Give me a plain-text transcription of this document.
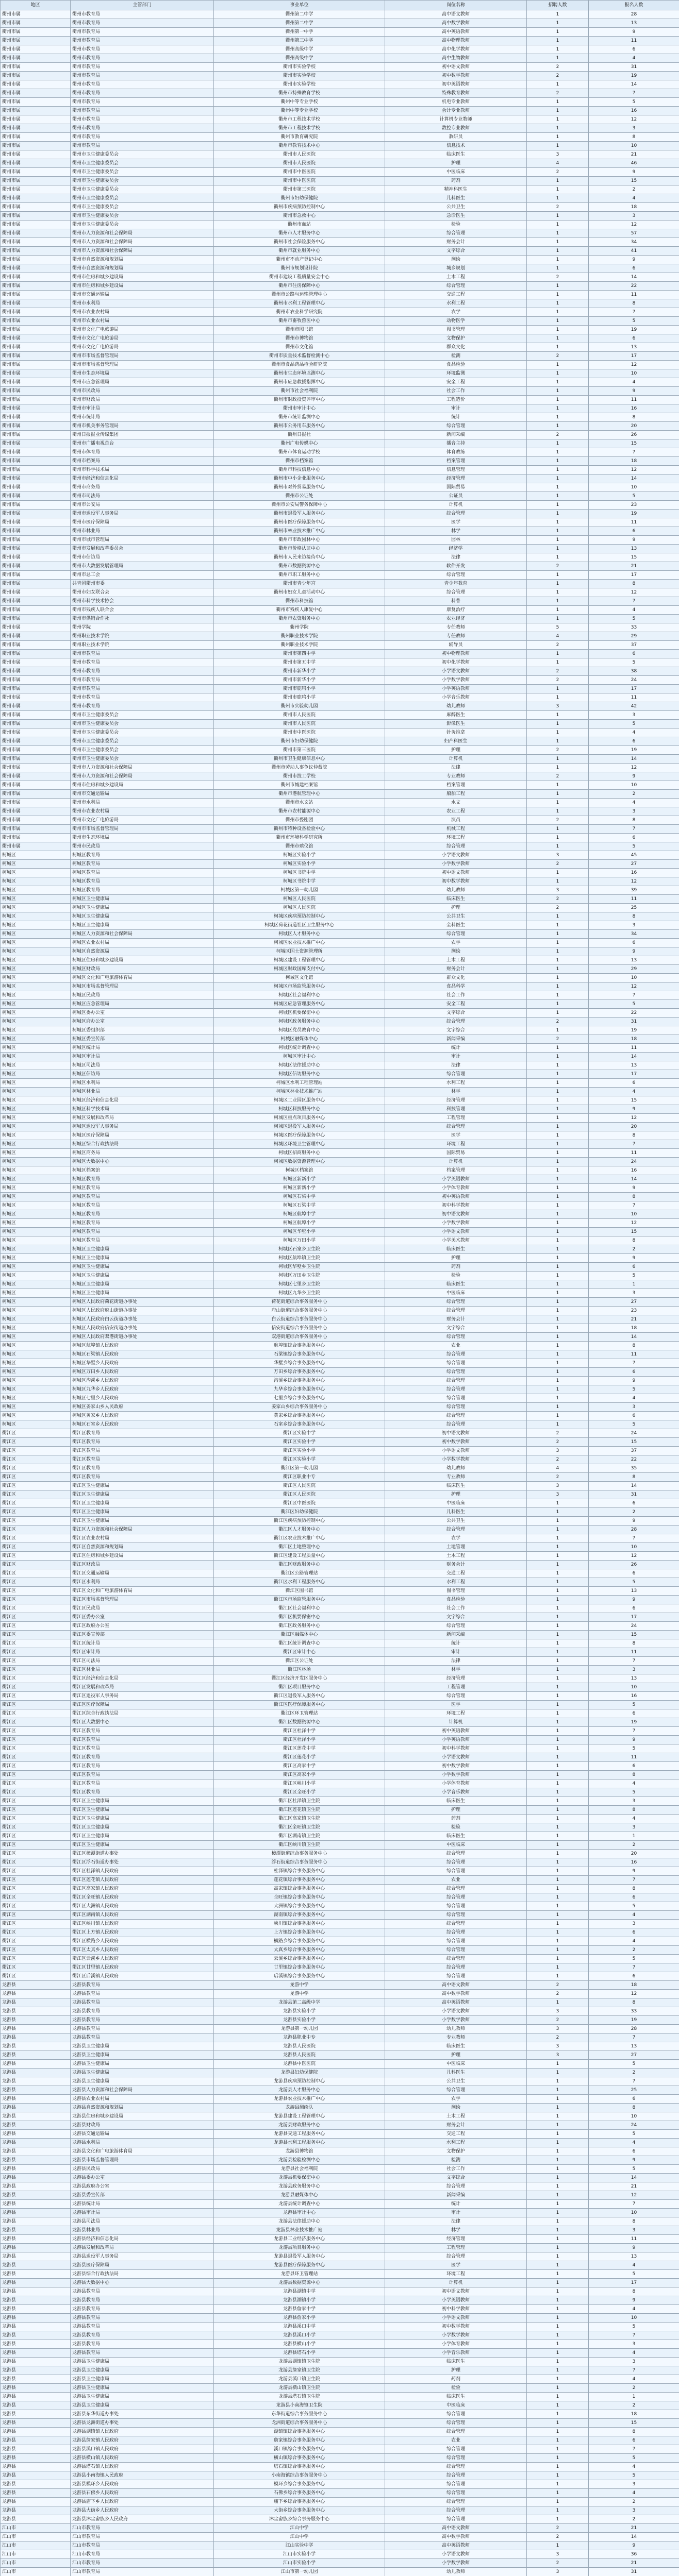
地区	主管部门	事业单位	岗位名称	招聘人数	报名人数
衢州市属	衢州市教育局	衢州第二中学	高中语文教师	1	28
衢州市属	衢州市教育局	衢州第二中学	高中数学教师	1	13
衢州市属	衢州市教育局	衢州第一中学	高中英语教师	1	9
衢州市属	衢州市教育局	衢州第三中学	高中物理教师	1	11
衢州市属	衢州市教育局	衢州高级中学	高中化学教师	1	6
衢州市属	衢州市教育局	衢州高级中学	高中生物教师	1	4
衢州市属	衢州市教育局	衢州市实验学校	初中语文教师	2	31
衢州市属	衢州市教育局	衢州市实验学校	初中数学教师	2	19
衢州市属	衢州市教育局	衢州市实验学校	初中英语教师	1	14
衢州市属	衢州市教育局	衢州市特殊教育学校	特殊教育教师	2	7
衢州市属	衢州市教育局	衢州中等专业学校	机电专业教师	1	5
衢州市属	衢州市教育局	衢州中等专业学校	会计专业教师	1	16
衢州市属	衢州市教育局	衢州市工程技术学校	计算机专业教师	1	12
衢州市属	衢州市教育局	衢州市工程技术学校	数控专业教师	1	3
衢州市属	衢州市教育局	衢州市教育研究院	教研员	1	8
衢州市属	衢州市教育局	衢州市教育技术中心	信息技术	1	10
衢州市属	衢州市卫生健康委员会	衢州市人民医院	临床医生	3	21
衢州市属	衢州市卫生健康委员会	衢州市人民医院	护理	4	46
衢州市属	衢州市卫生健康委员会	衢州市中医医院	中医临床	2	9
衢州市属	衢州市卫生健康委员会	衢州市中医医院	药剂	1	15
衢州市属	衢州市卫生健康委员会	衢州市第三医院	精神科医生	1	2
衢州市属	衢州市卫生健康委员会	衢州市妇幼保健院	儿科医生	1	4
衢州市属	衢州市卫生健康委员会	衢州市疾病预防控制中心	公共卫生	2	18
衢州市属	衢州市卫生健康委员会	衢州市急救中心	急诊医生	1	3
衢州市属	衢州市卫生健康委员会	衢州市血站	检验	1	12
衢州市属	衢州市人力资源和社会保障局	衢州市人才服务中心	综合管理	1	57
衢州市属	衢州市人力资源和社会保障局	衢州市社会保险服务中心	财务会计	1	34
衢州市属	衢州市人力资源和社会保障局	衢州市就业服务中心	文字综合	1	41
衢州市属	衢州市自然资源和规划局	衢州市不动产登记中心	测绘	1	9
衢州市属	衢州市自然资源和规划局	衢州市规划设计院	城乡规划	1	6
衢州市属	衢州市住房和城乡建设局	衢州市建设工程质量安全中心	土木工程	2	14
衢州市属	衢州市住房和城乡建设局	衢州市住房保障中心	综合管理	1	22
衢州市属	衢州市交通运输局	衢州市公路与运输管理中心	交通工程	1	11
衢州市属	衢州市水利局	衢州市水利工程管理中心	水利工程	1	8
衢州市属	衢州市农业农村局	衢州市农业科学研究院	农学	1	7
衢州市属	衢州市农业农村局	衢州市畜牧兽医中心	动物医学	1	5
衢州市属	衢州市文化广电旅游局	衢州市图书馆	图书管理	1	19
衢州市属	衢州市文化广电旅游局	衢州市博物馆	文物保护	1	6
衢州市属	衢州市文化广电旅游局	衢州市文化馆	群众文化	1	13
衢州市属	衢州市市场监督管理局	衢州市质量技术监督检测中心	检测	2	17
衢州市属	衢州市市场监督管理局	衢州市食品药品检验研究院	食品检验	1	12
衢州市属	衢州市生态环境局	衢州市生态环境监测中心	环境监测	1	10
衢州市属	衢州市应急管理局	衢州市应急救援指挥中心	安全工程	1	4
衢州市属	衢州市民政局	衢州市社会福利院	社会工作	1	9
衢州市属	衢州市财政局	衢州市财政投资评审中心	工程造价	1	11
衢州市属	衢州市审计局	衢州市审计中心	审计	1	16
衢州市属	衢州市统计局	衢州市统计监测中心	统计	1	8
衢州市属	衢州市机关事务管理局	衢州市公务用车服务中心	综合管理	1	20
衢州市属	衢州日报报业传媒集团	衢州日报社	新闻采编	2	26
衢州市属	衢州市广播电视总台	衢州广电传媒中心	播音主持	1	15
衢州市属	衢州市体育局	衢州市体育运动学校	体育教练	1	7
衢州市属	衢州市档案局	衢州市档案馆	档案管理	1	18
衢州市属	衢州市科学技术局	衢州市科技信息中心	信息管理	1	12
衢州市属	衢州市经济和信息化局	衢州市中小企业服务中心	经济管理	1	14
衢州市属	衢州市商务局	衢州市对外贸易服务中心	国际贸易	1	10
衢州市属	衢州市司法局	衢州市公证处	公证员	1	5
衢州市属	衢州市公安局	衢州市公安局警务保障中心	计算机	1	23
衢州市属	衢州市退役军人事务局	衢州市退役军人服务中心	综合管理	1	19
衢州市属	衢州市医疗保障局	衢州市医疗保障服务中心	医学	1	11
衢州市属	衢州市林业局	衢州市林业技术推广中心	林学	1	6
衢州市属	衢州市城市管理局	衢州市市政园林中心	园林	1	9
衢州市属	衢州市发展和改革委员会	衢州市价格认证中心	经济学	1	13
衢州市属	衢州市信访局	衢州市人民来访接待中心	法律	1	15
衢州市属	衢州市大数据发展管理局	衢州市数据资源中心	软件开发	2	21
衢州市属	衢州市总工会	衢州市职工服务中心	综合管理	1	17
衢州市属	共青团衢州市委	衢州市青少年宫	青少年教育	1	8
衢州市属	衢州市妇女联合会	衢州市妇女儿童活动中心	综合管理	1	12
衢州市属	衢州市科学技术协会	衢州市科技馆	科普	1	7
衢州市属	衢州市残疾人联合会	衢州市残疾人康复中心	康复治疗	1	4
衢州市属	衢州市供销合作社	衢州市农资服务中心	农业经济	1	5
衢州市属	衢州学院	衢州学院	专任教师	5	33
衢州市属	衢州职业技术学院	衢州职业技术学院	专任教师	4	29
衢州市属	衢州职业技术学院	衢州职业技术学院	辅导员	2	37
衢州市属	衢州市教育局	衢州市第四中学	初中物理教师	1	6
衢州市属	衢州市教育局	衢州市第五中学	初中化学教师	1	5
衢州市属	衢州市教育局	衢州市新华小学	小学语文教师	2	38
衢州市属	衢州市教育局	衢州市新华小学	小学数学教师	2	24
衢州市属	衢州市教育局	衢州市鹿鸣小学	小学英语教师	1	17
衢州市属	衢州市教育局	衢州市鹿鸣小学	小学音乐教师	1	11
衢州市属	衢州市教育局	衢州市实验幼儿园	幼儿教师	3	42
衢州市属	衢州市卫生健康委员会	衢州市人民医院	麻醉医生	1	3
衢州市属	衢州市卫生健康委员会	衢州市人民医院	影像医生	1	5
衢州市属	衢州市卫生健康委员会	衢州市中医医院	针灸推拿	1	4
衢州市属	衢州市卫生健康委员会	衢州市妇幼保健院	妇产科医生	1	6
衢州市属	衢州市卫生健康委员会	衢州市第三医院	护理	2	19
衢州市属	衢州市卫生健康委员会	衢州市卫生健康信息中心	计算机	1	14
衢州市属	衢州市人力资源和社会保障局	衢州市劳动人事争议仲裁院	法律	1	12
衢州市属	衢州市人力资源和社会保障局	衢州市技工学校	专业教师	2	9
衢州市属	衢州市住房和城乡建设局	衢州市城建档案馆	档案管理	1	10
衢州市属	衢州市交通运输局	衢州市港航管理中心	船舶工程	1	2
衢州市属	衢州市水利局	衢州市水文站	水文	1	4
衢州市属	衢州市农业农村局	衢州市农村能源中心	农业工程	1	3
衢州市属	衢州市文化广电旅游局	衢州市婺剧团	演员	2	8
衢州市属	衢州市市场监督管理局	衢州市特种设备检验中心	机械工程	1	7
衢州市属	衢州市生态环境局	衢州市环境科学研究所	环境工程	1	6
衢州市属	衢州市民政局	衢州市殡仪馆	综合管理	1	5
柯城区	柯城区教育局	柯城区实验小学	小学语文教师	3	45
柯城区	柯城区教育局	柯城区实验小学	小学数学教师	2	27
柯城区	柯城区教育局	柯城区书院中学	初中语文教师	1	16
柯城区	柯城区教育局	柯城区书院中学	初中数学教师	1	12
柯城区	柯城区教育局	柯城区第一幼儿园	幼儿教师	3	39
柯城区	柯城区卫生健康局	柯城区人民医院	临床医生	2	11
柯城区	柯城区卫生健康局	柯城区人民医院	护理	2	25
柯城区	柯城区卫生健康局	柯城区疾病预防控制中心	公共卫生	1	8
柯城区	柯城区卫生健康局	柯城区荷花街道社区卫生服务中心	全科医生	1	3
柯城区	柯城区人力资源和社会保障局	柯城区人才服务中心	综合管理	1	34
柯城区	柯城区农业农村局	柯城区农业技术推广中心	农学	1	6
柯城区	柯城区自然资源局	柯城区国土资源管理所	测绘	1	9
柯城区	柯城区住房和城乡建设局	柯城区建设工程管理中心	土木工程	1	13
柯城区	柯城区财政局	柯城区财政国库支付中心	财务会计	1	29
柯城区	柯城区文化和广电旅游体育局	柯城区文化馆	群众文化	1	10
柯城区	柯城区市场监督管理局	柯城区市场监管服务中心	食品科学	1	12
柯城区	柯城区民政局	柯城区社会福利中心	社会工作	1	7
柯城区	柯城区应急管理局	柯城区应急管理服务中心	安全工程	1	5
柯城区	柯城区委办公室	柯城区机要保密中心	文字综合	1	22
柯城区	柯城区府办公室	柯城区政务服务中心	综合管理	2	31
柯城区	柯城区委组织部	柯城区党员教育中心	文字综合	1	19
柯城区	柯城区委宣传部	柯城区融媒体中心	新闻采编	2	18
柯城区	柯城区统计局	柯城区统计调查中心	统计	1	11
柯城区	柯城区审计局	柯城区审计中心	审计	1	14
柯城区	柯城区司法局	柯城区法律援助中心	法律	1	13
柯城区	柯城区信访局	柯城区信访服务中心	综合管理	1	17
柯城区	柯城区水利局	柯城区水利工程管理站	水利工程	1	6
柯城区	柯城区林业局	柯城区林业技术推广站	林学	1	4
柯城区	柯城区经济和信息化局	柯城区工业园区服务中心	经济管理	1	15
柯城区	柯城区科学技术局	柯城区科技服务中心	科技管理	1	9
柯城区	柯城区发展和改革局	柯城区重点项目服务中心	工程管理	1	12
柯城区	柯城区退役军人事务局	柯城区退役军人服务中心	综合管理	1	20
柯城区	柯城区医疗保障局	柯城区医疗保障服务中心	医学	1	8
柯城区	柯城区综合行政执法局	柯城区环境卫生管理中心	环境工程	1	7
柯城区	柯城区商务局	柯城区招商服务中心	国际贸易	1	11
柯城区	柯城区大数据中心	柯城区数据资源管理中心	计算机	1	24
柯城区	柯城区档案馆	柯城区档案馆	档案管理	1	16
柯城区	柯城区教育局	柯城区新新小学	小学英语教师	1	14
柯城区	柯城区教育局	柯城区新新小学	小学体育教师	1	9
柯城区	柯城区教育局	柯城区石梁中学	初中英语教师	1	8
柯城区	柯城区教育局	柯城区石梁中学	初中科学教师	1	7
柯城区	柯城区教育局	柯城区航埠中学	初中语文教师	1	10
柯城区	柯城区教育局	柯城区航埠小学	小学数学教师	1	12
柯城区	柯城区教育局	柯城区华墅小学	小学语文教师	1	15
柯城区	柯城区教育局	柯城区万田小学	小学美术教师	1	8
柯城区	柯城区卫生健康局	柯城区石室乡卫生院	临床医生	1	2
柯城区	柯城区卫生健康局	柯城区航埠镇卫生院	护理	1	9
柯城区	柯城区卫生健康局	柯城区华墅乡卫生院	药剂	1	6
柯城区	柯城区卫生健康局	柯城区万田乡卫生院	检验	1	5
柯城区	柯城区卫生健康局	柯城区七里乡卫生院	临床医生	1	1
柯城区	柯城区卫生健康局	柯城区九华乡卫生院	中医临床	1	3
柯城区	柯城区人民政府荷花街道办事处	荷花街道综合事务服务中心	综合管理	1	27
柯城区	柯城区人民政府府山街道办事处	府山街道综合事务服务中心	综合管理	1	23
柯城区	柯城区人民政府白云街道办事处	白云街道综合事务服务中心	财务会计	1	21
柯城区	柯城区人民政府信安街道办事处	信安街道综合事务服务中心	文字综合	1	18
柯城区	柯城区人民政府双港街道办事处	双港街道综合事务服务中心	综合管理	1	14
柯城区	柯城区航埠镇人民政府	航埠镇综合事务服务中心	农业	1	8
柯城区	柯城区石梁镇人民政府	石梁镇综合事务服务中心	综合管理	1	11
柯城区	柯城区华墅乡人民政府	华墅乡综合事务服务中心	综合管理	1	7
柯城区	柯城区万田乡人民政府	万田乡综合事务服务中心	综合管理	1	6
柯城区	柯城区沟溪乡人民政府	沟溪乡综合事务服务中心	综合管理	1	9
柯城区	柯城区九华乡人民政府	九华乡综合事务服务中心	综合管理	1	5
柯城区	柯城区七里乡人民政府	七里乡综合事务服务中心	综合管理	1	4
柯城区	柯城区姜家山乡人民政府	姜家山乡综合事务服务中心	综合管理	1	3
柯城区	柯城区黄家乡人民政府	黄家乡综合事务服务中心	综合管理	1	6
柯城区	柯城区石室乡人民政府	石室乡综合事务服务中心	综合管理	1	5
衢江区	衢江区教育局	衢江区实验中学	初中语文教师	2	24
衢江区	衢江区教育局	衢江区实验中学	初中数学教师	2	15
衢江区	衢江区教育局	衢江区实验小学	小学语文教师	3	37
衢江区	衢江区教育局	衢江区实验小学	小学数学教师	2	22
衢江区	衢江区教育局	衢江区第一幼儿园	幼儿教师	4	35
衢江区	衢江区教育局	衢江区职业中专	专业教师	2	8
衢江区	衢江区卫生健康局	衢江区人民医院	临床医生	3	14
衢江区	衢江区卫生健康局	衢江区人民医院	护理	3	31
衢江区	衢江区卫生健康局	衢江区中医医院	中医临床	1	6
衢江区	衢江区卫生健康局	衢江区妇幼保健院	儿科医生	1	2
衢江区	衢江区卫生健康局	衢江区疾病预防控制中心	公共卫生	1	9
衢江区	衢江区人力资源和社会保障局	衢江区人才服务中心	综合管理	1	28
衢江区	衢江区农业农村局	衢江区农业技术推广中心	农学	1	7
衢江区	衢江区自然资源和规划局	衢江区土地整理中心	土地管理	1	10
衢江区	衢江区住房和城乡建设局	衢江区建设工程质量中心	土木工程	1	12
衢江区	衢江区财政局	衢江区财政服务中心	财务会计	1	26
衢江区	衢江区交通运输局	衢江区公路管理站	交通工程	1	6
衢江区	衢江区水利局	衢江区水利工程服务中心	水利工程	1	5
衢江区	衢江区文化和广电旅游体育局	衢江区图书馆	图书管理	1	13
衢江区	衢江区市场监督管理局	衢江区市场监管服务中心	食品检验	1	9
衢江区	衢江区民政局	衢江区社会福利中心	社会工作	1	6
衢江区	衢江区委办公室	衢江区机要保密中心	文字综合	1	17
衢江区	衢江区政府办公室	衢江区政务服务中心	综合管理	1	24
衢江区	衢江区委宣传部	衢江区融媒体中心	新闻采编	1	15
衢江区	衢江区统计局	衢江区统计调查中心	统计	1	8
衢江区	衢江区审计局	衢江区审计中心	审计	1	11
衢江区	衢江区司法局	衢江区公证处	法律	1	7
衢江区	衢江区林业局	衢江区林场	林学	1	3
衢江区	衢江区经济和信息化局	衢江区经济开发区服务中心	经济管理	1	13
衢江区	衢江区发展和改革局	衢江区项目服务中心	工程管理	1	10
衢江区	衢江区退役军人事务局	衢江区退役军人服务中心	综合管理	1	16
衢江区	衢江区医疗保障局	衢江区医疗保障服务中心	医学	1	5
衢江区	衢江区综合行政执法局	衢江区环卫管理站	环境工程	1	6
衢江区	衢江区大数据中心	衢江区数据资源中心	计算机	1	19
衢江区	衢江区教育局	衢江区杜泽中学	初中英语教师	1	7
衢江区	衢江区教育局	衢江区杜泽小学	小学英语教师	1	9
衢江区	衢江区教育局	衢江区莲花中学	初中科学教师	1	5
衢江区	衢江区教育局	衢江区莲花小学	小学语文教师	1	11
衢江区	衢江区教育局	衢江区高家中学	初中数学教师	1	6
衢江区	衢江区教育局	衢江区高家小学	小学数学教师	1	8
衢江区	衢江区教育局	衢江区峡川小学	小学体育教师	1	4
衢江区	衢江区教育局	衢江区全旺小学	小学音乐教师	1	5
衢江区	衢江区卫生健康局	衢江区杜泽镇卫生院	临床医生	1	3
衢江区	衢江区卫生健康局	衢江区莲花镇卫生院	护理	1	8
衢江区	衢江区卫生健康局	衢江区高家镇卫生院	药剂	1	4
衢江区	衢江区卫生健康局	衢江区全旺镇卫生院	检验	1	3
衢江区	衢江区卫生健康局	衢江区湖南镇卫生院	临床医生	1	1
衢江区	衢江区卫生健康局	衢江区峡川镇卫生院	中医临床	1	2
衢江区	衢江区樟潭街道办事处	樟潭街道综合事务服务中心	综合管理	1	20
衢江区	衢江区浮石街道办事处	浮石街道综合事务服务中心	综合管理	1	16
衢江区	衢江区杜泽镇人民政府	杜泽镇综合事务服务中心	综合管理	1	9
衢江区	衢江区莲花镇人民政府	莲花镇综合事务服务中心	农业	1	7
衢江区	衢江区高家镇人民政府	高家镇综合事务服务中心	综合管理	1	8
衢江区	衢江区全旺镇人民政府	全旺镇综合事务服务中心	综合管理	1	6
衢江区	衢江区大洲镇人民政府	大洲镇综合事务服务中心	综合管理	1	5
衢江区	衢江区湖南镇人民政府	湖南镇综合事务服务中心	综合管理	1	4
衢江区	衢江区峡川镇人民政府	峡川镇综合事务服务中心	综合管理	1	3
衢江区	衢江区上方镇人民政府	上方镇综合事务服务中心	综合管理	1	6
衢江区	衢江区横路乡人民政府	横路乡综合事务服务中心	综合管理	1	4
衢江区	衢江区太真乡人民政府	太真乡综合事务服务中心	综合管理	1	2
衢江区	衢江区云溪乡人民政府	云溪乡综合事务服务中心	综合管理	1	5
衢江区	衢江区廿里镇人民政府	廿里镇综合事务服务中心	综合管理	1	7
衢江区	衢江区后溪镇人民政府	后溪镇综合事务服务中心	综合管理	1	6
龙游县	龙游县教育局	龙游中学	高中语文教师	2	18
龙游县	龙游县教育局	龙游中学	高中数学教师	2	12
龙游县	龙游县教育局	龙游县第二高级中学	高中英语教师	1	8
龙游县	龙游县教育局	龙游县实验小学	小学语文教师	3	33
龙游县	龙游县教育局	龙游县实验小学	小学数学教师	2	19
龙游县	龙游县教育局	龙游县第一幼儿园	幼儿教师	3	28
龙游县	龙游县教育局	龙游县职业中专	专业教师	2	7
龙游县	龙游县卫生健康局	龙游县人民医院	临床医生	3	13
龙游县	龙游县卫生健康局	龙游县人民医院	护理	3	27
龙游县	龙游县卫生健康局	龙游县中医医院	中医临床	1	5
龙游县	龙游县卫生健康局	龙游县妇幼保健院	儿科医生	1	2
龙游县	龙游县卫生健康局	龙游县疾病预防控制中心	公共卫生	1	7
龙游县	龙游县人力资源和社会保障局	龙游县人才服务中心	综合管理	1	25
龙游县	龙游县农业农村局	龙游县农业技术推广中心	农学	1	6
龙游县	龙游县自然资源和规划局	龙游县测绘队	测绘	1	8
龙游县	龙游县住房和城乡建设局	龙游县建设工程管理中心	土木工程	1	10
龙游县	龙游县财政局	龙游县财政服务中心	财务会计	1	24
龙游县	龙游县交通运输局	龙游县交通工程服务中心	交通工程	1	5
龙游县	龙游县水利局	龙游县水利工程服务中心	水利工程	1	4
龙游县	龙游县文化和广电旅游体育局	龙游县博物馆	文物保护	1	6
龙游县	龙游县市场监督管理局	龙游县检验检测中心	检测	1	9
龙游县	龙游县民政局	龙游县社会福利院	社会工作	1	5
龙游县	龙游县委办公室	龙游县机要保密中心	文字综合	1	14
龙游县	龙游县政府办公室	龙游县政务服务中心	综合管理	1	21
龙游县	龙游县委宣传部	龙游县融媒体中心	新闻采编	1	12
龙游县	龙游县统计局	龙游县统计调查中心	统计	1	7
龙游县	龙游县审计局	龙游县审计中心	审计	1	10
龙游县	龙游县司法局	龙游县法律援助中心	法律	1	8
龙游县	龙游县林业局	龙游县林业技术推广站	林学	1	3
龙游县	龙游县经济和信息化局	龙游县工业经济服务中心	经济管理	1	11
龙游县	龙游县发展和改革局	龙游县项目服务中心	工程管理	1	9
龙游县	龙游县退役军人事务局	龙游县退役军人服务中心	综合管理	1	13
龙游县	龙游县医疗保障局	龙游县医疗保障服务中心	医学	1	4
龙游县	龙游县综合行政执法局	龙游县环卫管理站	环境工程	1	5
龙游县	龙游县大数据中心	龙游县数据资源中心	计算机	1	17
龙游县	龙游县教育局	龙游县湖镇中学	初中语文教师	1	8
龙游县	龙游县教育局	龙游县湖镇小学	小学英语教师	1	9
龙游县	龙游县教育局	龙游县詹家中学	初中科学教师	1	4
龙游县	龙游县教育局	龙游县詹家小学	小学语文教师	1	10
龙游县	龙游县教育局	龙游县溪口中学	初中数学教师	1	5
龙游县	龙游县教育局	龙游县溪口小学	小学数学教师	1	7
龙游县	龙游县教育局	龙游县横山小学	小学体育教师	1	3
龙游县	龙游县教育局	龙游县塔石小学	小学音乐教师	1	4
龙游县	龙游县卫生健康局	龙游县湖镇镇卫生院	临床医生	1	3
龙游县	龙游县卫生健康局	龙游县詹家镇卫生院	护理	1	7
龙游县	龙游县卫生健康局	龙游县溪口镇卫生院	药剂	1	4
龙游县	龙游县卫生健康局	龙游县横山镇卫生院	检验	1	2
龙游县	龙游县卫生健康局	龙游县塔石镇卫生院	临床医生	1	1
龙游县	龙游县卫生健康局	龙游县小南海镇卫生院	中医临床	1	2
龙游县	龙游县东华街道办事处	东华街道综合事务服务中心	综合管理	1	18
龙游县	龙游县龙洲街道办事处	龙洲街道综合事务服务中心	综合管理	1	15
龙游县	龙游县湖镇镇人民政府	湖镇镇综合事务服务中心	综合管理	1	8
龙游县	龙游县詹家镇人民政府	詹家镇综合事务服务中心	农业	1	6
龙游县	龙游县溪口镇人民政府	溪口镇综合事务服务中心	综合管理	1	7
龙游县	龙游县横山镇人民政府	横山镇综合事务服务中心	综合管理	1	5
龙游县	龙游县塔石镇人民政府	塔石镇综合事务服务中心	综合管理	1	4
龙游县	龙游县小南海镇人民政府	小南海镇综合事务服务中心	综合管理	1	5
龙游县	龙游县模环乡人民政府	模环乡综合事务服务中心	综合管理	1	3
龙游县	龙游县石佛乡人民政府	石佛乡综合事务服务中心	综合管理	1	4
龙游县	龙游县庙下乡人民政府	庙下乡综合事务服务中心	综合管理	1	2
龙游县	龙游县大街乡人民政府	大街乡综合事务服务中心	综合管理	1	3
龙游县	龙游县沐尘畲族乡人民政府	沐尘畲族乡综合事务服务中心	综合管理	1	2
江山市	江山市教育局	江山中学	高中语文教师	2	21
江山市	江山市教育局	江山中学	高中数学教师	2	14
江山市	江山市教育局	江山实验中学	高中英语教师	1	9
江山市	江山市教育局	江山市实验小学	小学语文教师	3	36
江山市	江山市教育局	江山市实验小学	小学数学教师	2	21
江山市	江山市教育局	江山市第一幼儿园	幼儿教师	3	31
